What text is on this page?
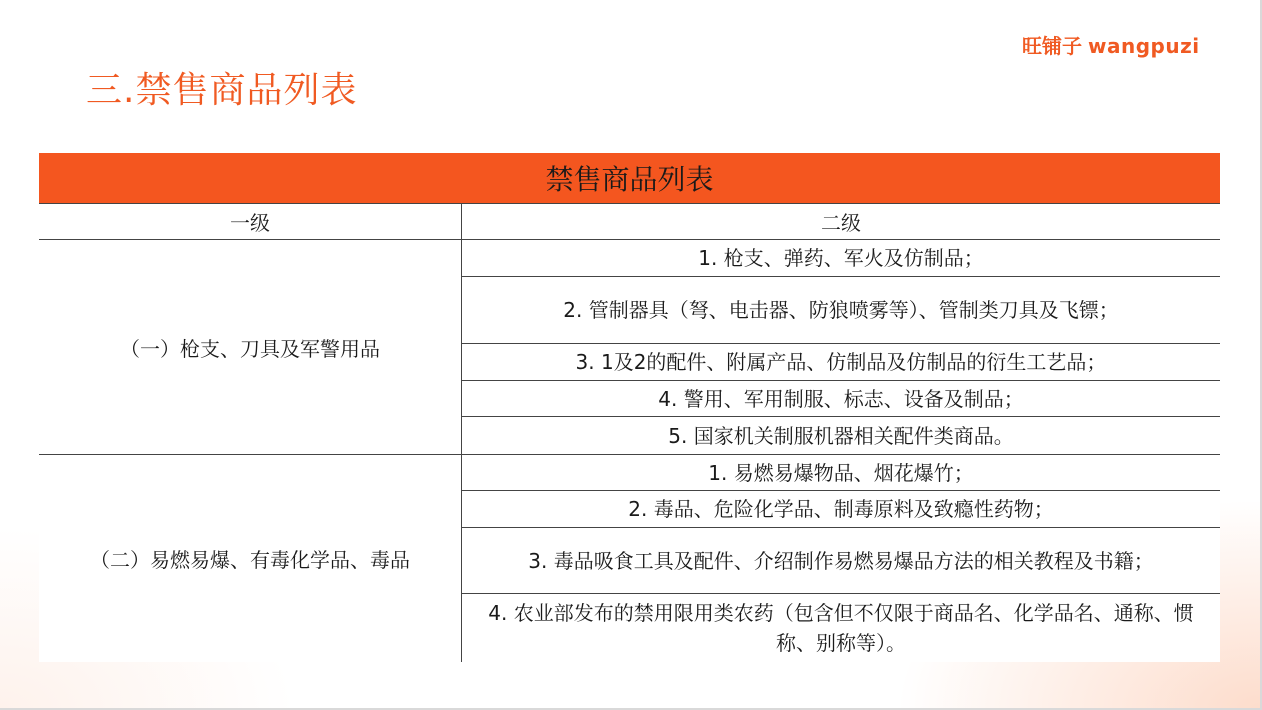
三.禁售商品列表
旺铺子 wangpuzi
禁售商品列表
一级	二级
（一）枪支、刀具及军警用品
1. 枪支、弹药、军火及仿制品；
2. 管制器具（弩、电击器、防狼喷雾等）、管制类刀具及飞镖；
3. 1及2的配件、附属产品、仿制品及仿制品的衍生工艺品；
4. 警用、军用制服、标志、设备及制品；
5. 国家机关制服机器相关配件类商品。
（二）易燃易爆、有毒化学品、毒品
1. 易燃易爆物品、烟花爆竹；
2. 毒品、危险化学品、制毒原料及致瘾性药物；
3. 毒品吸食工具及配件、介绍制作易燃易爆品方法的相关教程及书籍；
4. 农业部发布的禁用限用类农药（包含但不仅限于商品名、化学品名、通称、惯称、别称等）。
